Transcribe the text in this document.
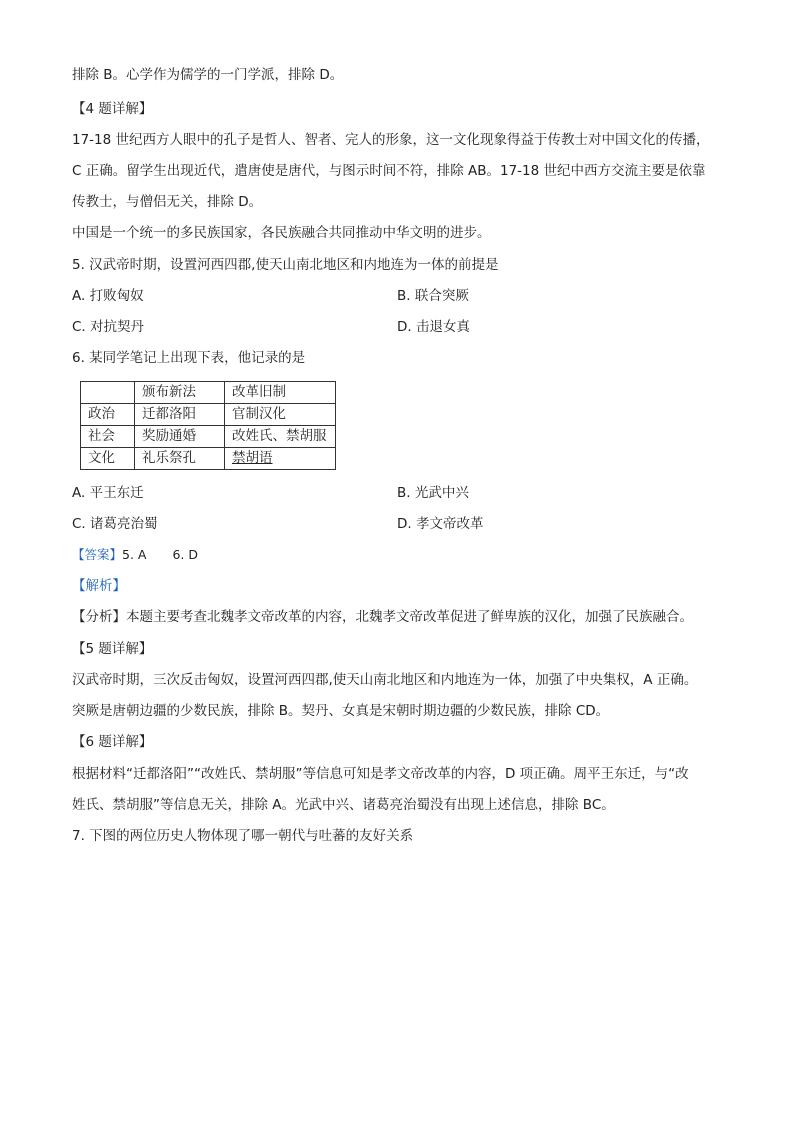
排除 B。心学作为儒学的一门学派，排除 D。
【4 题详解】
17-18 世纪西方人眼中的孔子是哲人、智者、完人的形象，这一文化现象得益于传教士对中国文化的传播，
C 正确。留学生出现近代，遣唐使是唐代，与图示时间不符，排除 AB。17-18 世纪中西方交流主要是依靠
传教士，与僧侣无关，排除 D。
中国是一个统一的多民族国家，各民族融合共同推动中华文明的进步。
5. 汉武帝时期，设置河西四郡,使天山南北地区和内地连为一体的前提是
A. 打败匈奴	B. 联合突厥
C. 对抗契丹	D. 击退女真
6. 某同学笔记上出现下表，他记录的是
	颁布新法	改革旧制
政治	迁都洛阳	官制汉化
社会	奖励通婚	改姓氏、禁胡服
文化	礼乐祭孔	禁胡语
A. 平王东迁	B. 光武中兴
C. 诸葛亮治蜀	D. 孝文帝改革
【答案】5. A 6. D
【解析】
【分析】本题主要考查北魏孝文帝改革的内容，北魏孝文帝改革促进了鲜卑族的汉化，加强了民族融合。
【5 题详解】
汉武帝时期，三次反击匈奴，设置河西四郡,使天山南北地区和内地连为一体，加强了中央集权，A 正确。
突厥是唐朝边疆的少数民族，排除 B。契丹、女真是宋朝时期边疆的少数民族，排除 CD。
【6 题详解】
根据材料“迁都洛阳”“改姓氏、禁胡服”等信息可知是孝文帝改革的内容，D 项正确。周平王东迁，与“改
姓氏、禁胡服”等信息无关，排除 A。光武中兴、诸葛亮治蜀没有出现上述信息，排除 BC。
7. 下图的两位历史人物体现了哪一朝代与吐蕃的友好关系
